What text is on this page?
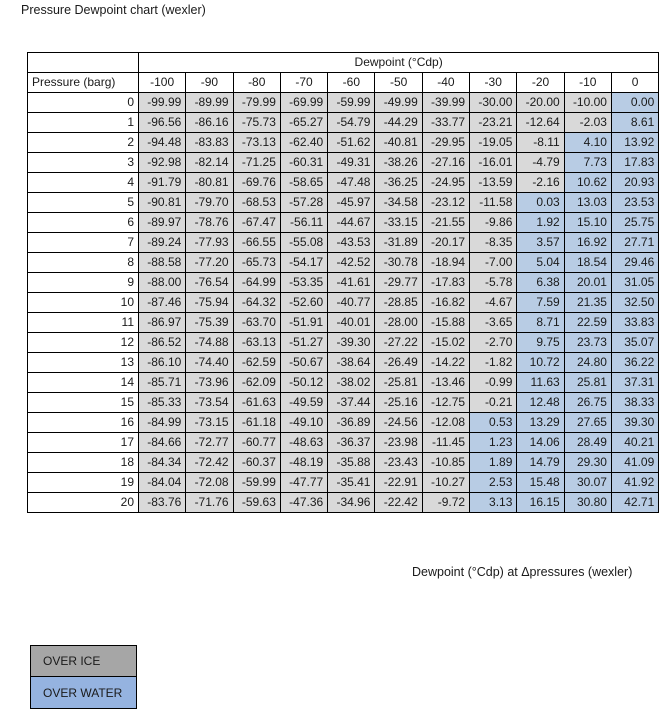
Pressure Dewpoint chart (wexler)
	Dewpoint (°Cdp)										
Pressure (barg)	-100	-90	-80	-70	-60	-50	-40	-30	-20	-10	0
0	-99.99	-89.99	-79.99	-69.99	-59.99	-49.99	-39.99	-30.00	-20.00	-10.00	0.00
1	-96.56	-86.16	-75.73	-65.27	-54.79	-44.29	-33.77	-23.21	-12.64	-2.03	8.61
2	-94.48	-83.83	-73.13	-62.40	-51.62	-40.81	-29.95	-19.05	-8.11	4.10	13.92
3	-92.98	-82.14	-71.25	-60.31	-49.31	-38.26	-27.16	-16.01	-4.79	7.73	17.83
4	-91.79	-80.81	-69.76	-58.65	-47.48	-36.25	-24.95	-13.59	-2.16	10.62	20.93
5	-90.81	-79.70	-68.53	-57.28	-45.97	-34.58	-23.12	-11.58	0.03	13.03	23.53
6	-89.97	-78.76	-67.47	-56.11	-44.67	-33.15	-21.55	-9.86	1.92	15.10	25.75
7	-89.24	-77.93	-66.55	-55.08	-43.53	-31.89	-20.17	-8.35	3.57	16.92	27.71
8	-88.58	-77.20	-65.73	-54.17	-42.52	-30.78	-18.94	-7.00	5.04	18.54	29.46
9	-88.00	-76.54	-64.99	-53.35	-41.61	-29.77	-17.83	-5.78	6.38	20.01	31.05
10	-87.46	-75.94	-64.32	-52.60	-40.77	-28.85	-16.82	-4.67	7.59	21.35	32.50
11	-86.97	-75.39	-63.70	-51.91	-40.01	-28.00	-15.88	-3.65	8.71	22.59	33.83
12	-86.52	-74.88	-63.13	-51.27	-39.30	-27.22	-15.02	-2.70	9.75	23.73	35.07
13	-86.10	-74.40	-62.59	-50.67	-38.64	-26.49	-14.22	-1.82	10.72	24.80	36.22
14	-85.71	-73.96	-62.09	-50.12	-38.02	-25.81	-13.46	-0.99	11.63	25.81	37.31
15	-85.33	-73.54	-61.63	-49.59	-37.44	-25.16	-12.75	-0.21	12.48	26.75	38.33
16	-84.99	-73.15	-61.18	-49.10	-36.89	-24.56	-12.08	0.53	13.29	27.65	39.30
17	-84.66	-72.77	-60.77	-48.63	-36.37	-23.98	-11.45	1.23	14.06	28.49	40.21
18	-84.34	-72.42	-60.37	-48.19	-35.88	-23.43	-10.85	1.89	14.79	29.30	41.09
19	-84.04	-72.08	-59.99	-47.77	-35.41	-22.91	-10.27	2.53	15.48	30.07	41.92
20	-83.76	-71.76	-59.63	-47.36	-34.96	-22.42	-9.72	3.13	16.15	30.80	42.71
Dewpoint (°Cdp) at Δpressures (wexler)
OVER ICE
OVER WATER
